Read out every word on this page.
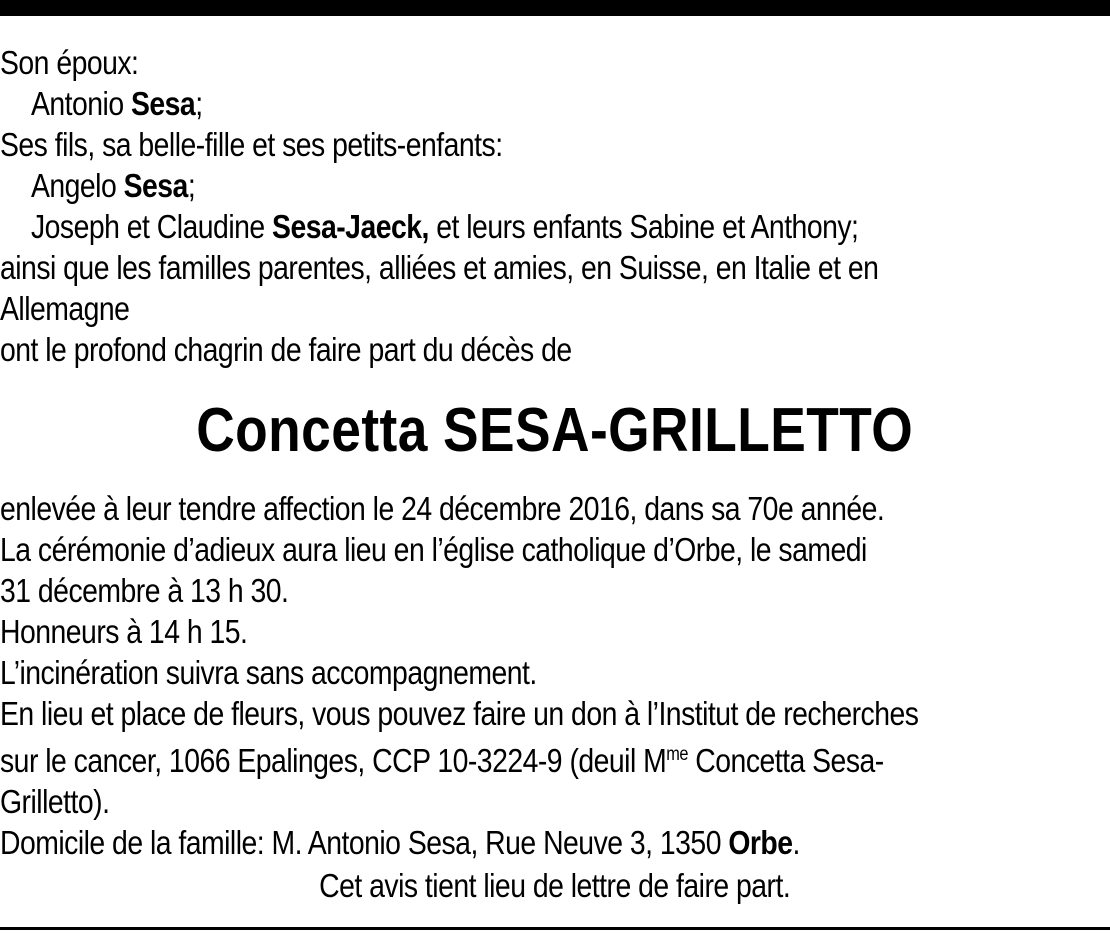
Son époux:
Antonio Sesa;
Ses fils, sa belle-fille et ses petits-enfants:
Angelo Sesa;
Joseph et Claudine Sesa-Jaeck, et leurs enfants Sabine et Anthony;
ainsi que les familles parentes, alliées et amies, en Suisse, en Italie et en
Allemagne
ont le profond chagrin de faire part du décès de
Concetta SESA-GRILLETTO
enlevée à leur tendre affection le 24 décembre 2016, dans sa 70e année.
La cérémonie d’adieux aura lieu en l’église catholique d’Orbe, le samedi
31 décembre à 13 h 30.
Honneurs à 14 h 15.
L’incinération suivra sans accompagnement.
En lieu et place de fleurs, vous pouvez faire un don à l’Institut de recherches
sur le cancer, 1066 Epalinges, CCP 10-3224-9 (deuil $M^{me}$ Concetta Sesa-
Grilletto).
Domicile de la famille: M. Antonio Sesa, Rue Neuve 3, 1350 Orbe.
Cet avis tient lieu de lettre de faire part.
